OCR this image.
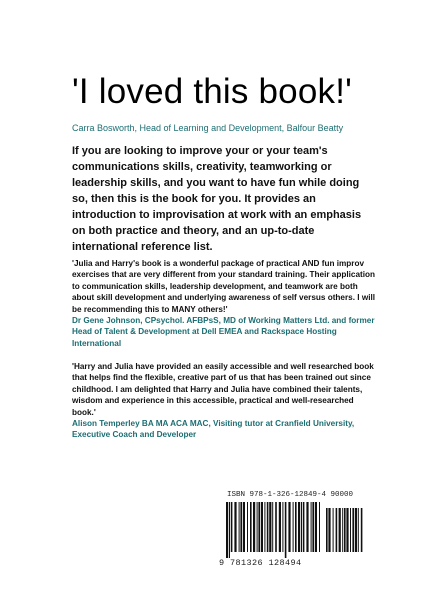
'I loved this book!'
Carra Bosworth, Head of Learning and Development, Balfour Beatty
If you are looking to improve your or your team's communications skills, creativity, teamworking or leadership skills, and you want to have fun while doing so, then this is the book for you. It provides an introduction to improvisation at work with an emphasis on both practice and theory, and an up-to-date international reference list.
'Julia and Harry's book is a wonderful package of practical AND fun improv exercises that are very different from your standard training. Their application to communication skills, leadership development, and teamwork are both about skill development and underlying awareness of self versus others. I will be recommending this to MANY others!'
Dr Gene Johnson, CPsychol. AFBPsS, MD of Working Matters Ltd. and former Head of Talent & Development at Dell EMEA and Rackspace Hosting International
'Harry and Julia have provided an easily accessible and well researched book that helps find the flexible, creative part of us that has been trained out since childhood. I am delighted that Harry and Julia have combined their talents, wisdom and experience in this accessible, practical and well-researched book.'
Alison Temperley BA MA ACA MAC, Visiting tutor at Cranfield University, Executive Coach and Developer
ISBN 978-1-326-12849-4 90000
9 781326 128494
